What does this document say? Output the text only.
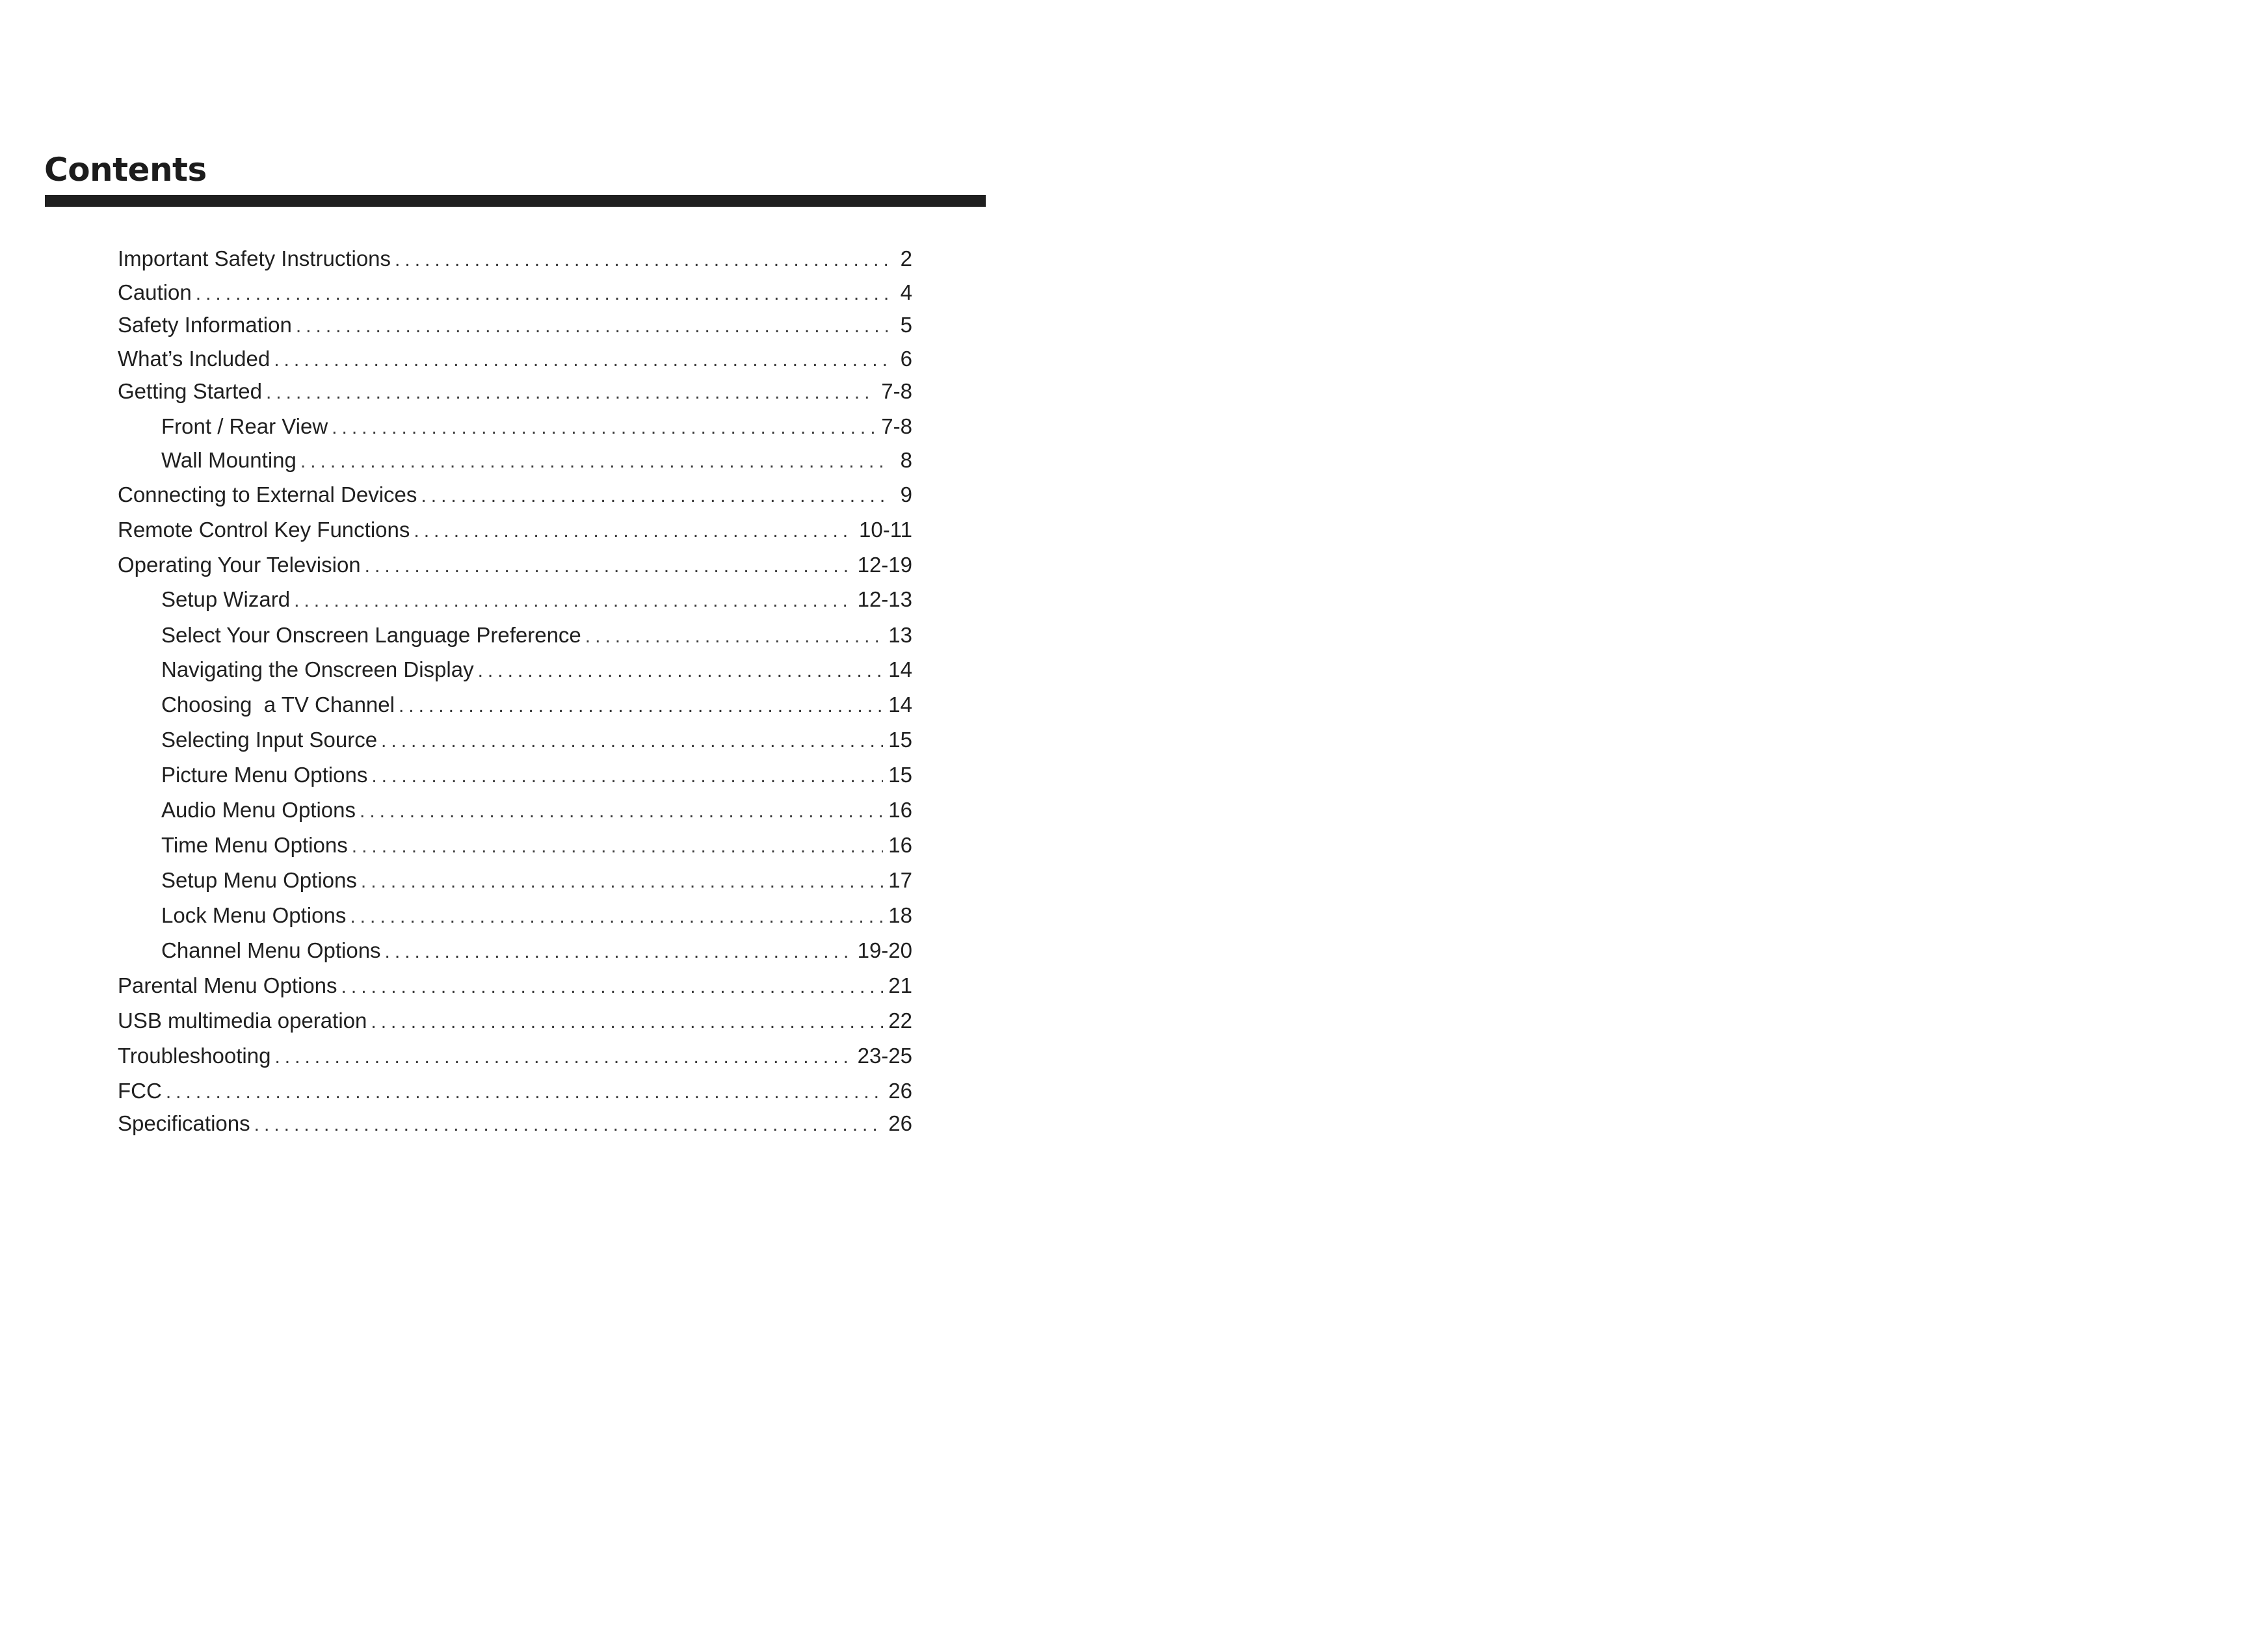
Contents
Important Safety Instructions .....	2
Caution .....	4
Safety Information .....	5
What’s Included .....	6
Getting Started .....	7-8
Front / Rear View .....	7-8
Wall Mounting .....	8
Connecting to External Devices .....	9
Remote Control Key Functions .....	10-11
Operating Your Television .....	12-19
Setup Wizard .....	12-13
Select Your Onscreen Language Preference .....	13
Navigating the Onscreen Display .....	14
Choosing  a TV Channel .....	14
Selecting Input Source .....	15
Picture Menu Options .....	15
Audio Menu Options .....	16
Time Menu Options .....	16
Setup Menu Options .....	17
Lock Menu Options .....	18
Channel Menu Options .....	19-20
Parental Menu Options .....	21
USB multimedia operation .....	22
Troubleshooting .....	23-25
FCC .....	26
Specifications .....	26
